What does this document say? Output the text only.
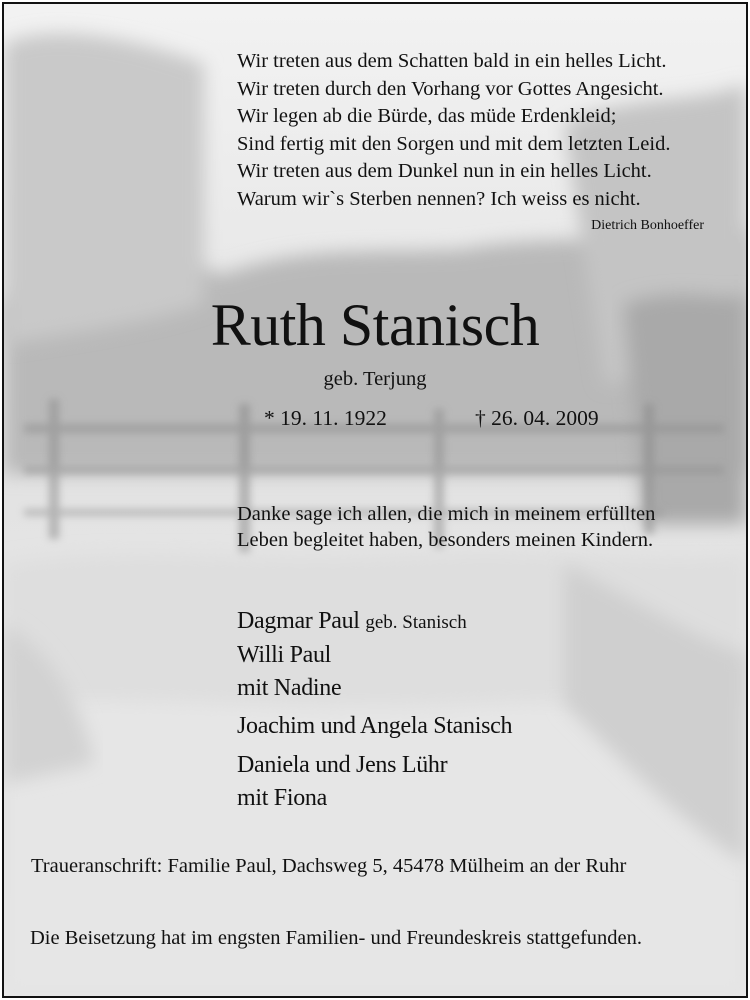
Wir treten aus dem Schatten bald in ein helles Licht.
Wir treten durch den Vorhang vor Gottes Angesicht.
Wir legen ab die Bürde, das müde Erdenkleid;
Sind fertig mit den Sorgen und mit dem letzten Leid.
Wir treten aus dem Dunkel nun in ein helles Licht.
Warum wir`s Sterben nennen? Ich weiss es nicht.
Dietrich Bonhoeffer
Ruth Stanisch
geb. Terjung
* 19. 11. 1922	† 26. 04. 2009
Danke sage ich allen, die mich in meinem erfüllten
Leben begleitet haben, besonders meinen Kindern.
Dagmar Paul geb. Stanisch
Willi Paul
mit Nadine
Joachim und Angela Stanisch
Daniela und Jens Lühr
mit Fiona
Traueranschrift: Familie Paul, Dachsweg 5, 45478 Mülheim an der Ruhr
Die Beisetzung hat im engsten Familien- und Freundeskreis stattgefunden.
